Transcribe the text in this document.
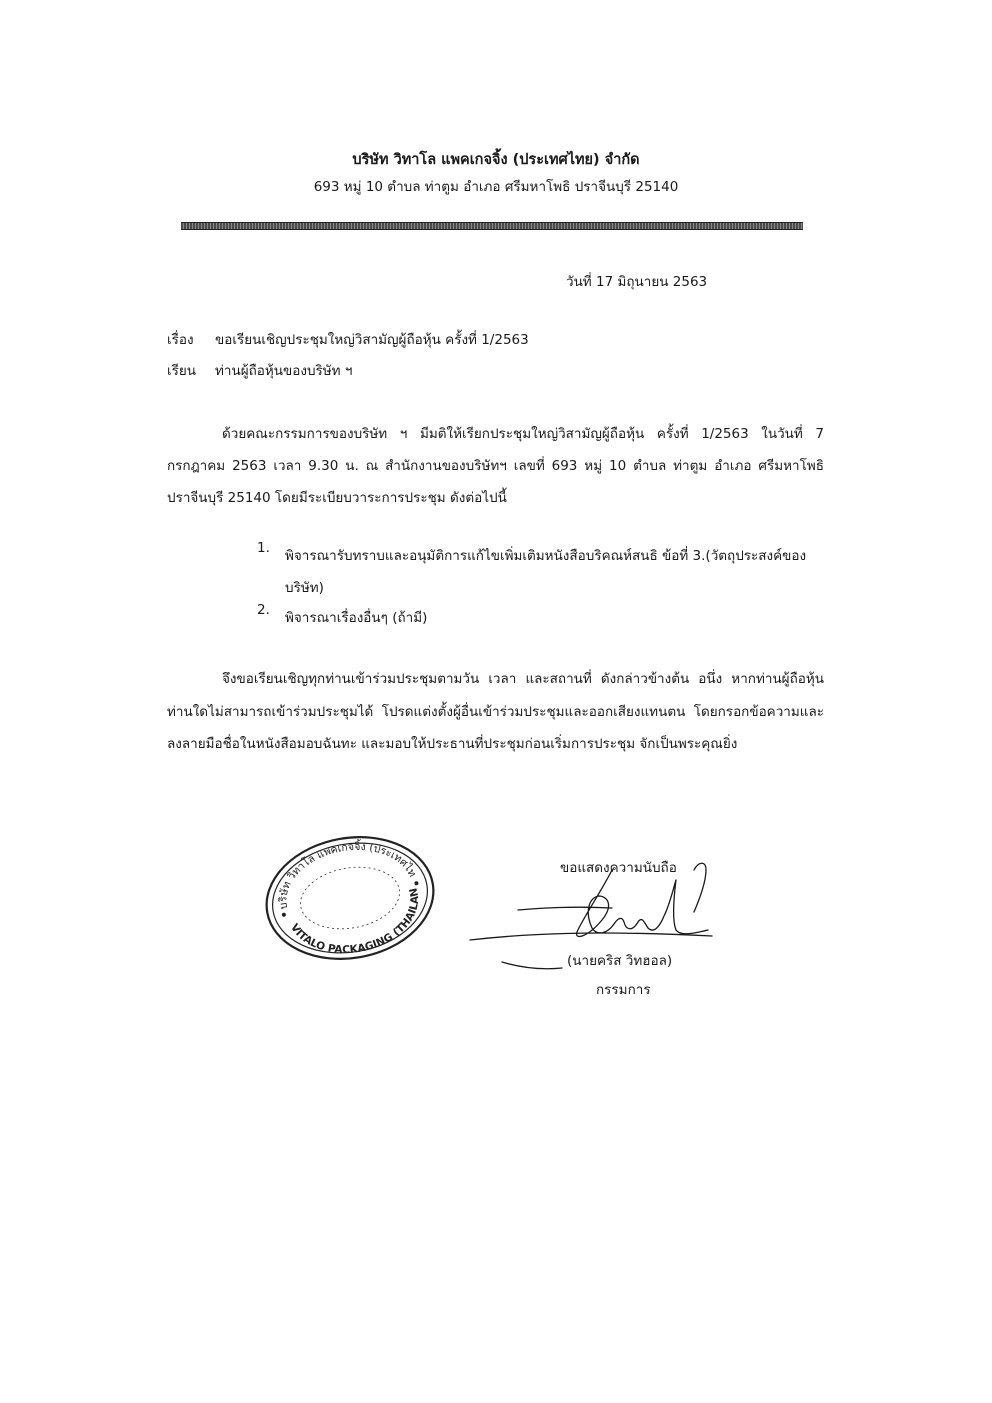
บริษัท วิทาโล แพคเกจจิ้ง (ประเทศไทย) จำกัด
693 หมู่ 10 ตำบล ท่าตูม อำเภอ ศรีมหาโพธิ ปราจีนบุรี 25140
วันที่ 17 มิถุนายน 2563
เรื่อง ขอเรียนเชิญประชุมใหญ่วิสามัญผู้ถือหุ้น ครั้งที่ 1/2563
เรียน ท่านผู้ถือหุ้นของบริษัท ฯ
ด้วยคณะกรรมการของบริษัท ฯ มีมติให้เรียกประชุมใหญ่วิสามัญผู้ถือหุ้น ครั้งที่ 1/2563 ในวันที่ 7 กรกฎาคม 2563 เวลา 9.30 น. ณ สำนักงานของบริษัทฯ เลขที่ 693 หมู่ 10 ตำบล ท่าตูม อำเภอ ศรีมหาโพธิ ปราจีนบุรี 25140 โดยมีระเบียบวาระการประชุม ดังต่อไปนี้
1. พิจารณารับทราบและอนุมัติการแก้ไขเพิ่มเติมหนังสือบริคณห์สนธิ ข้อที่ 3.(วัตถุประสงค์ของบริษัท)
2. พิจารณาเรื่องอื่นๆ (ถ้ามี)
จึงขอเรียนเชิญทุกท่านเข้าร่วมประชุมตามวัน เวลา และสถานที่ ดังกล่าวข้างต้น อนึ่ง หากท่านผู้ถือหุ้นท่านใดไม่สามารถเข้าร่วมประชุมได้ โปรดแต่งตั้งผู้อื่นเข้าร่วมประชุมและออกเสียงแทนตน โดยกรอกข้อความและลงลายมือชื่อในหนังสือมอบฉันทะ และมอบให้ประธานที่ประชุมก่อนเริ่มการประชุม จักเป็นพระคุณยิ่ง
บริษัท วิทาโล แพคเกจจิ้ง (ประเทศไทย)
VITALO PACKAGING (THAILAND)
ขอแสดงความนับถือ
(นายคริส วิทฮอล)
กรรมการ
